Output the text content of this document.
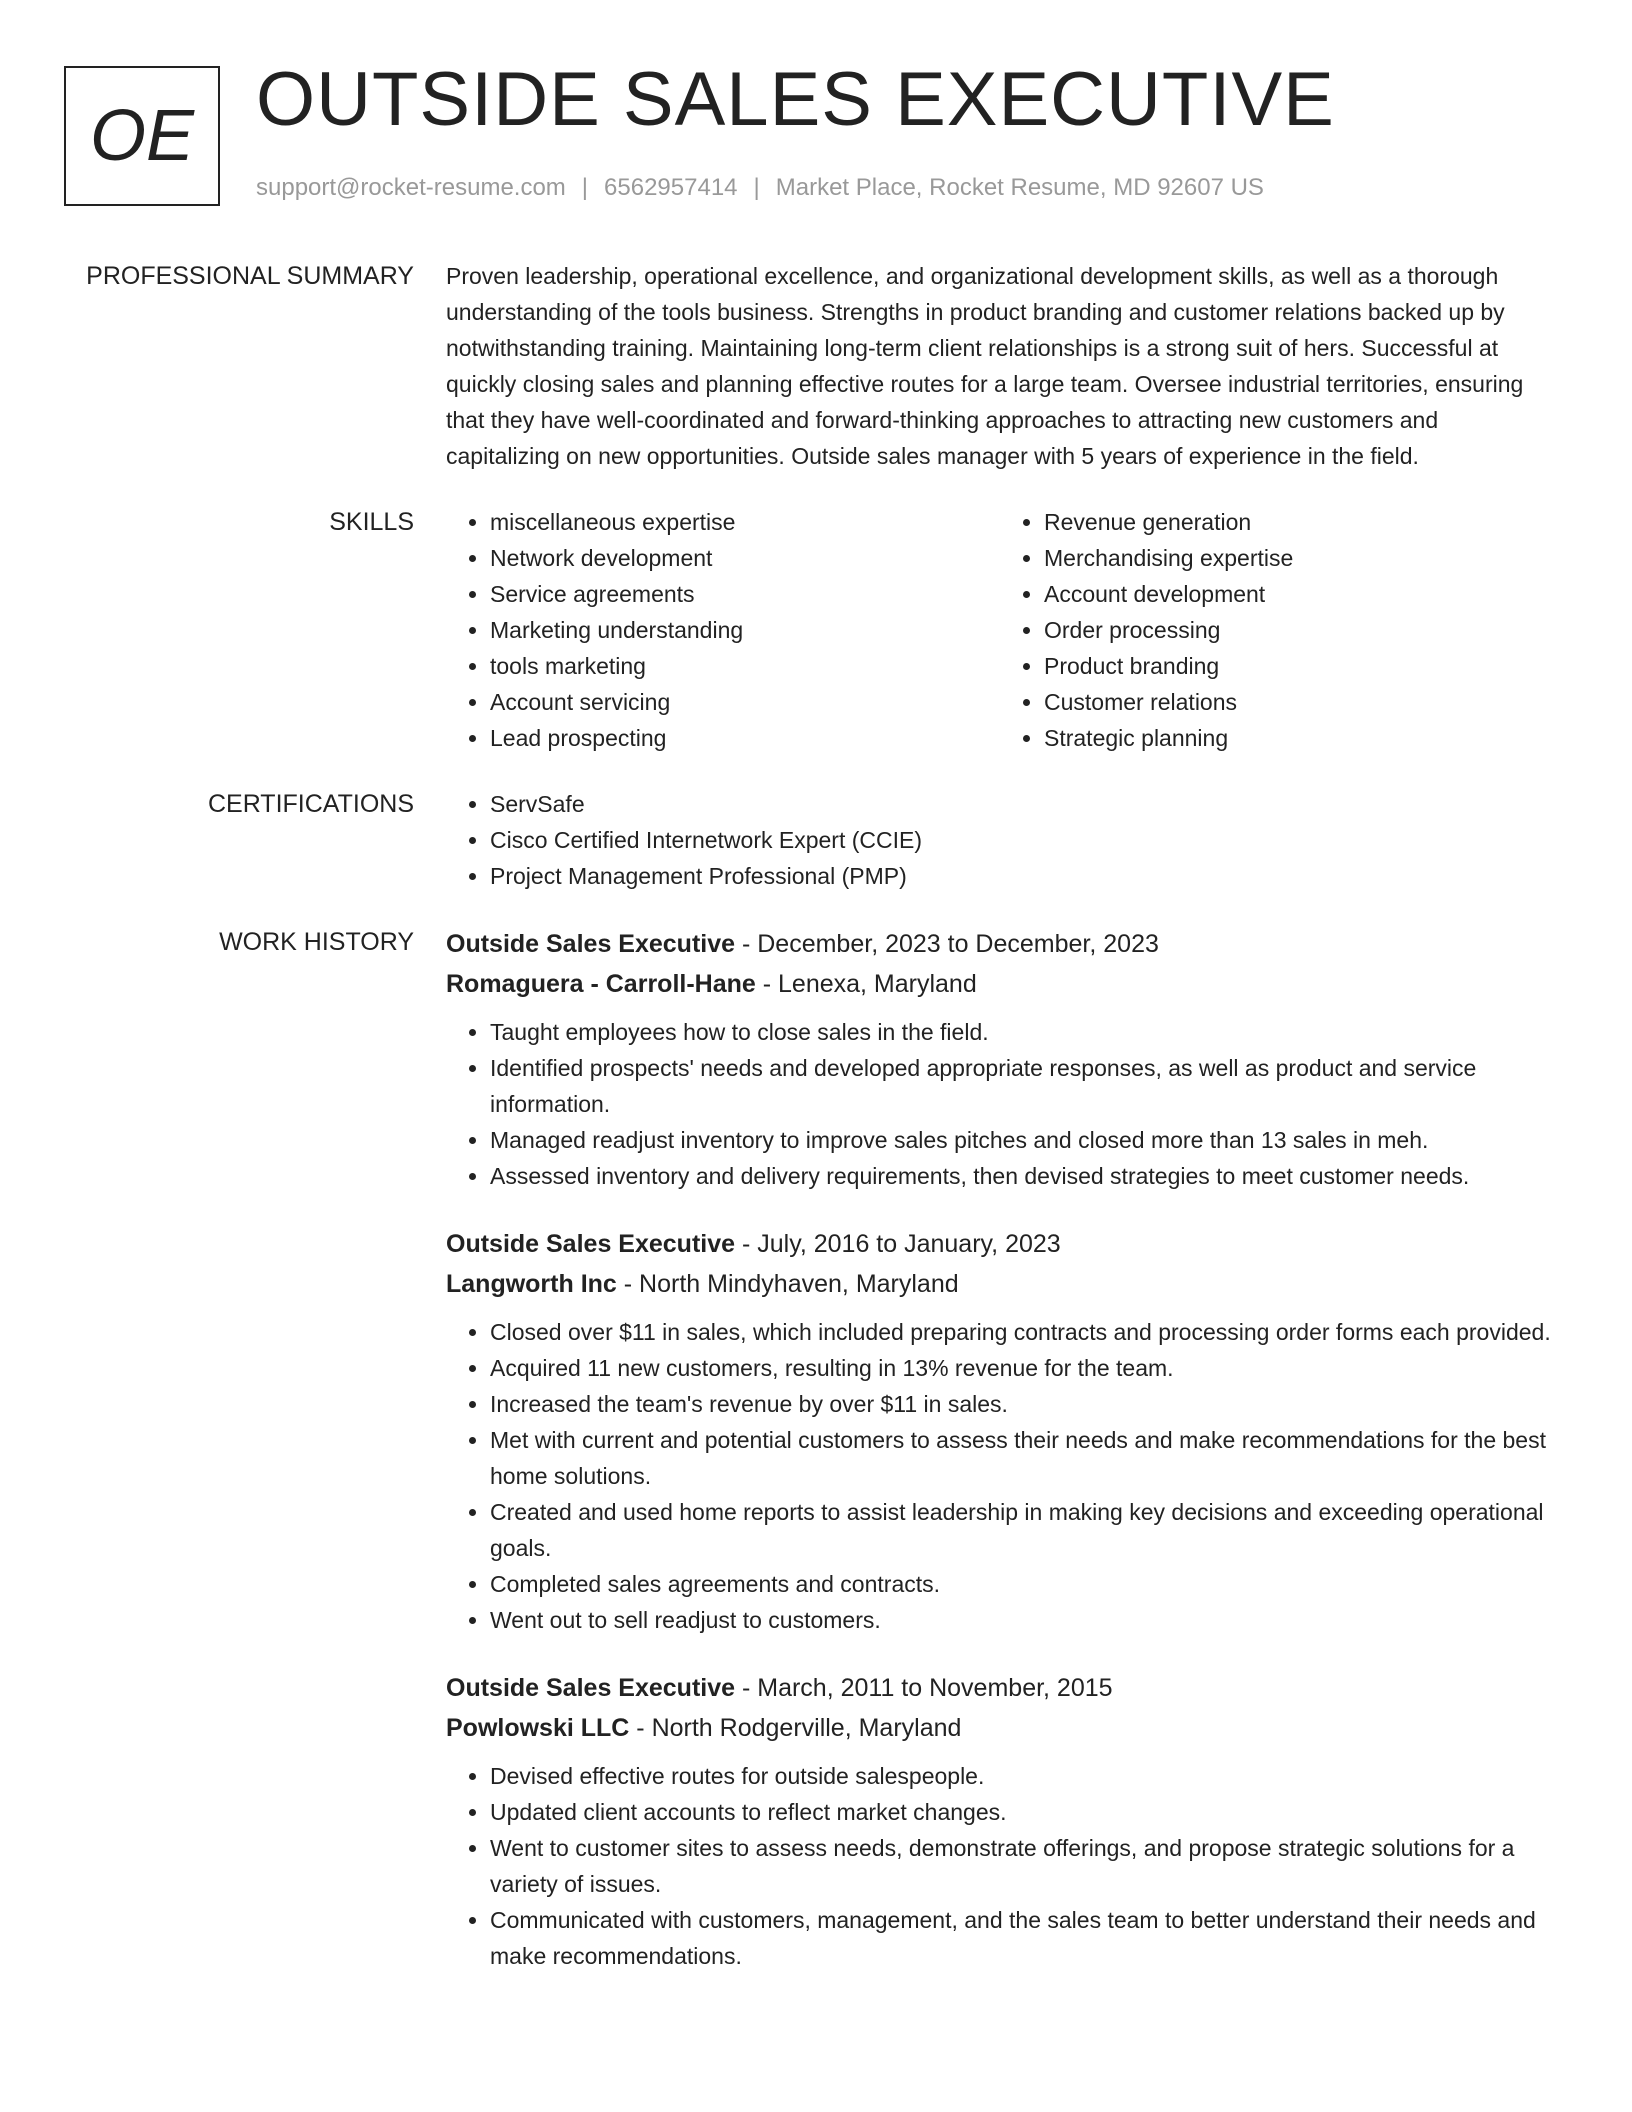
OE OUTSIDE SALES EXECUTIVE
support@rocket-resume.com | 6562957414 | Market Place, Rocket Resume, MD 92607 US
PROFESSIONAL SUMMARY Proven leadership, operational excellence, and organizational development skills, as well as a thorough understanding of the tools business. Strengths in product branding and customer relations backed up by notwithstanding training. Maintaining long-term client relationships is a strong suit of hers. Successful at quickly closing sales and planning effective routes for a large team. Oversee industrial territories, ensuring that they have well-coordinated and forward-thinking approaches to attracting new customers and capitalizing on new opportunities. Outside sales manager with 5 years of experience in the field.

SKILLS	• miscellaneous expertise
• Network development
• Service agreements
• Marketing understanding
• tools marketing
• Account servicing
• Lead prospecting
• Revenue generation
• Merchandising expertise
• Account development
• Order processing
• Product branding
• Customer relations
• Strategic planning
CERTIFICATIONS	• ServSafe
• Cisco Certified Internetwork Expert (CCIE)
• Project Management Professional (PMP)
WORK HISTORY Outside Sales Executive - December, 2023 to December, 2023
Romaguera - Carroll-Hane - Lenexa, Maryland
• Taught employees how to close sales in the field.
• Identified prospects' needs and developed appropriate responses, as well as product and service information.
• Managed readjust inventory to improve sales pitches and closed more than 13 sales in meh.
• Assessed inventory and delivery requirements, then devised strategies to meet customer needs.
Outside Sales Executive - July, 2016 to January, 2023
Langworth Inc - North Mindyhaven, Maryland
• Closed over $11 in sales, which included preparing contracts and processing order forms each provided.
• Acquired 11 new customers, resulting in 13% revenue for the team.
• Increased the team's revenue by over $11 in sales.
• Met with current and potential customers to assess their needs and make recommendations for the best home solutions.
• Created and used home reports to assist leadership in making key decisions and exceeding operational goals.
• Completed sales agreements and contracts.
• Went out to sell readjust to customers.
Outside Sales Executive - March, 2011 to November, 2015
Powlowski LLC - North Rodgerville, Maryland
• Devised effective routes for outside salespeople.
• Updated client accounts to reflect market changes.
• Went to customer sites to assess needs, demonstrate offerings, and propose strategic solutions for a variety of issues.
• Communicated with customers, management, and the sales team to better understand their needs and make recommendations.
